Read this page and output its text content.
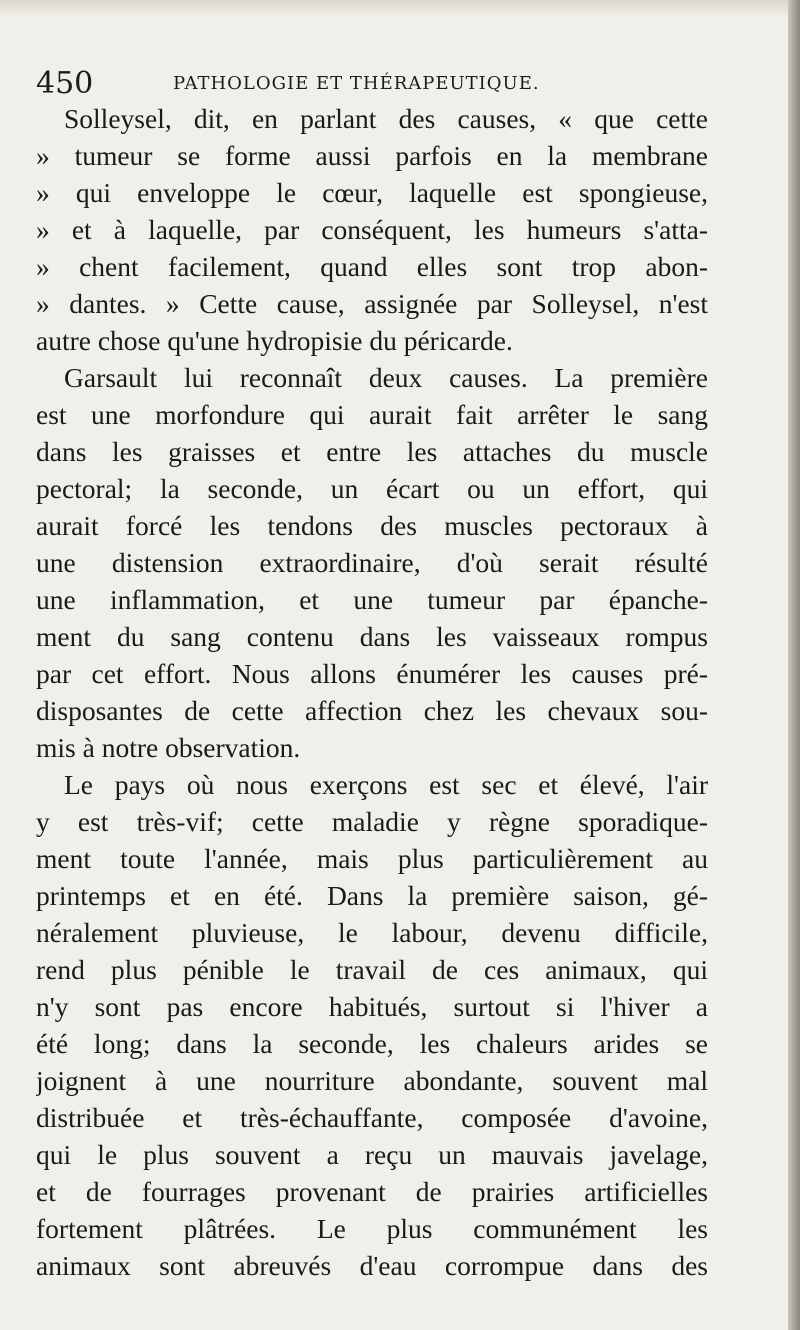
450	PATHOLOGIE ET THÉRAPEUTIQUE.
Solleysel, dit, en parlant des causes, « que cette
» tumeur se forme aussi parfois en la membrane
» qui enveloppe le cœur, laquelle est spongieuse,
» et à laquelle, par conséquent, les humeurs s'atta-
» chent facilement, quand elles sont trop abon-
» dantes. » Cette cause, assignée par Solleysel, n'est
autre chose qu'une hydropisie du péricarde.
Garsault lui reconnaît deux causes. La première
est une morfondure qui aurait fait arrêter le sang
dans les graisses et entre les attaches du muscle
pectoral; la seconde, un écart ou un effort, qui
aurait forcé les tendons des muscles pectoraux à
une distension extraordinaire, d'où serait résulté
une inflammation, et une tumeur par épanche-
ment du sang contenu dans les vaisseaux rompus
par cet effort. Nous allons énumérer les causes pré-
disposantes de cette affection chez les chevaux sou-
mis à notre observation.
Le pays où nous exerçons est sec et élevé, l'air
y est très-vif; cette maladie y règne sporadique-
ment toute l'année, mais plus particulièrement au
printemps et en été. Dans la première saison, gé-
néralement pluvieuse, le labour, devenu difficile,
rend plus pénible le travail de ces animaux, qui
n'y sont pas encore habitués, surtout si l'hiver a
été long; dans la seconde, les chaleurs arides se
joignent à une nourriture abondante, souvent mal
distribuée et très-échauffante, composée d'avoine,
qui le plus souvent a reçu un mauvais javelage,
et de fourrages provenant de prairies artificielles
fortement plâtrées. Le plus communément les
animaux sont abreuvés d'eau corrompue dans des
